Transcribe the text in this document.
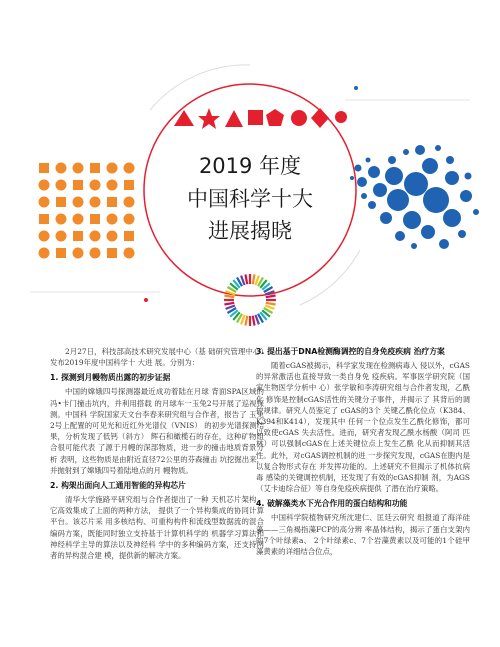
2019 年度
中国科学十大
进展揭晓

2月27日，科技部高技术研究发展中心（基 础研究管理中心）发布2019年度中国科学十 大进 展。分别为：

1. 探测到月幔物质出露的初步证据

中国的嫦娥四号探测器最近成功着陆在月球 背面SPA区域的冯•卡门撞击坑内，并利用搭载 的月球车一玉兔2号开展了巡视探测。中国科 学院国家天文台李春来研究组与合作者，报告了 玉兔2号上配置的可见光和近红外光谱仪（VNIS） 的初步光谱探测结果，分析发现了低钙（斜方） 辉石和橄榄石的存在，这种矿物组合很可能代表 了源于月幔的深部物质，进一步的撞击地质背景分 析 表明，这些物质是由附近直径72公里的芬森撞击 坑挖掘出来，并抛射到了嫦娥四号着陆地点的月 幔物质。

2. 构架出面向人工通用智能的异构芯片

清华大学施路平研究组与合作者提出了一种 天机芯片架构，它高效集成了上面的两种方法， 提供了一个异构集成的协同计算平台。该芯片采 用多核结构、可重构构件和流线型数据流的混合 编码方案，既能同时独立支持基于计算机科学的 机器学习算法和神经科学主导的算法以及神经科 学中的多种编码方案，还支持两者的异构混合建 模，提供新的解决方案。

3. 提出基于DNA检测酶调控的自身免疫疾病 治疗方案

随着cGAS被揭示，科学家发现在检测病毒入 侵以外，cGAS的异常激活也直接导致一类自身免 疫疾病。军事医学研究院（国家生物医学分析中 心）张学敏和李涛研究组与合作者发现，乙酰化 修饰是控制cGAS活性的关键分子事件，并揭示了 其背后的调控规律。研究人员鉴定了 cGAS的3个 关键乙酰化位点（K384、K394和K414），发现其中 任何一个位点发生乙酰化修饰，都可以致使cGAS 失去活性。进而，研究者发现乙酰水杨酸（阿司 匹林）可以强制cGAS在上述关键位点上发生乙酰 化从而抑制其活性。此外，对cGAS调控机制的进 一步探究发现，cGAS在胞内是以复合物形式存在 并发挥功能的。上述研究不但揭示了机体抗病毒 感染的关键调控机制，还发现了有效的cGAS抑制 剂，为AGS（艾卡迪综合征）等自身免疫疾病提供 了潜在治疗策略。

4. 破解藻类水下光合作用的蛋白结构和功能

中国科学院植物研究所沈建仁、匡廷云研究 组报道了海洋硅藻——三角褐指藻FCP的高分辨 率晶体结构，揭示了蛋白支架内的7个叶绿素a、 2个叶绿素c、7个岩藻黄素以及可能的1个硅甲 藻黄素的详细结合位点，
